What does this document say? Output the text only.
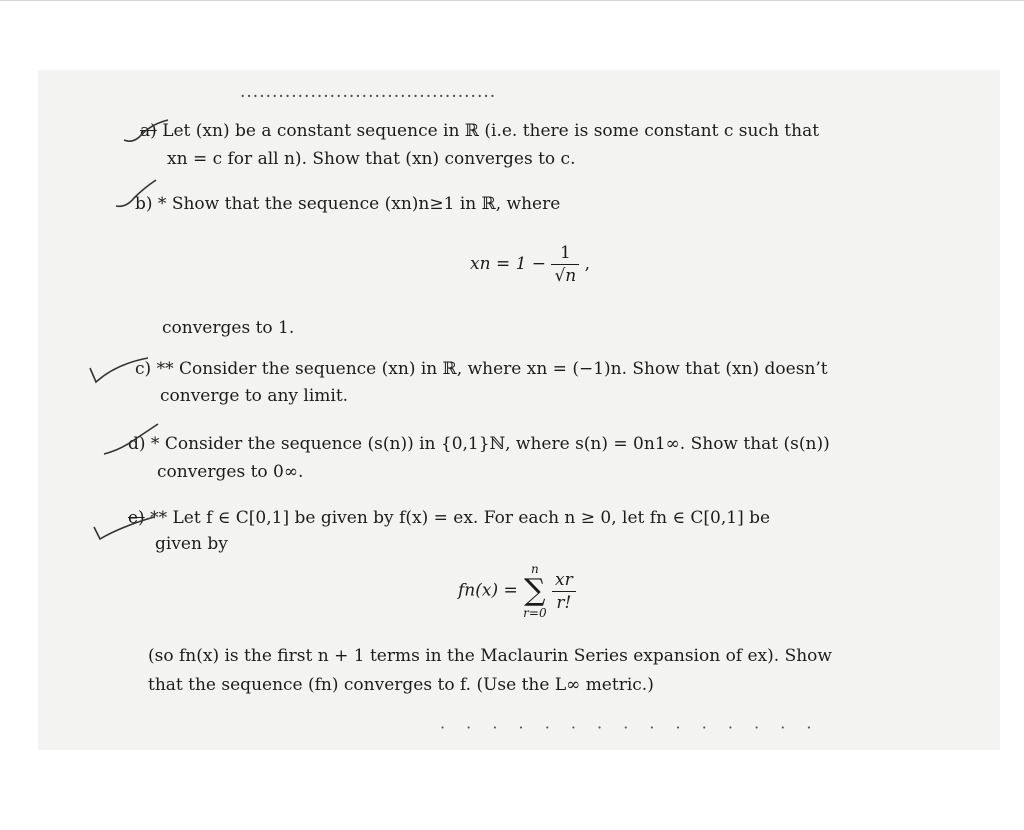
a) Let (xn) be a constant sequence in ℝ (i.e. there is some constant c such that
xn = c for all n). Show that (xn) converges to c.
b) * Show that the sequence (xn)n≥1 in ℝ, where
xn = $1 - \frac{1}{√n}$ ,
converges to 1.
c) ** Consider the sequence (xn) in ℝ, where xn = (−1)n. Show that (xn) doesn’t
converge to any limit.
d) * Consider the sequence (s(n)) in {0,1}ℕ, where s(n) = 0n1∞. Show that (s(n))
converges to 0∞.
e) ** Let f ∈ C[0,1] be given by f(x) = ex. For each n ≥ 0, let fn ∈ C[0,1] be
given by
fn(x) =
n
∑
r=0
$\frac{xr}{r!}$
(so fn(x) is the first n + 1 terms in the Maclaurin Series expansion of ex). Show
that the sequence (fn) converges to f. (Use the L∞ metric.)
· · · · · · · · · · · · · · ·
